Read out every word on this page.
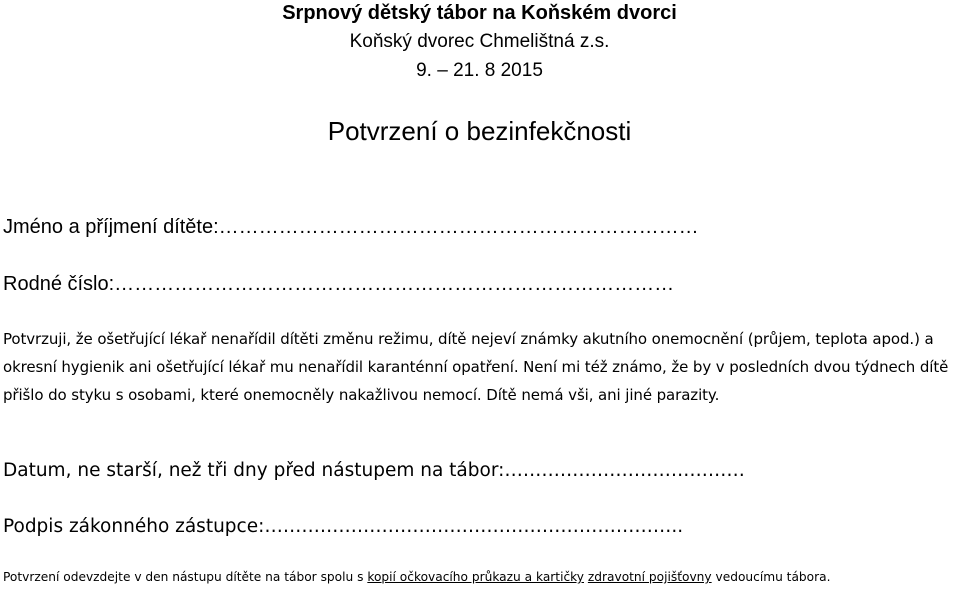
Srpnový dětský tábor na Koňském dvorci
Koňský dvorec Chmelištná z.s.
9. – 21. 8 2015
Potvrzení o bezinfekčnosti
Jméno a příjmení dítěte:………………………………………………………………
Rodné číslo:…………………………………………………………………………

Potvrzuji, že ošetřující lékař nenařídil dítěti změnu režimu, dítě nejeví známky akutního onemocnění (průjem, teplota apod.) a okresní hygienik ani ošetřující lékař mu nenařídil karanténní opatření. Není mi též známo, že by v posledních dvou týdnech dítě přišlo do styku s osobami, které onemocněly nakažlivou nemocí. Dítě nemá vši, ani jiné parazity.

Datum, ne starší, než tři dny před nástupem na tábor:…………………………………
Podpis zákonného zástupce:…………………………………………………………..
Potvrzení odevzdejte v den nástupu dítěte na tábor spolu s kopií očkovacího průkazu a kartičky zdravotní pojišťovny vedoucímu tábora.
